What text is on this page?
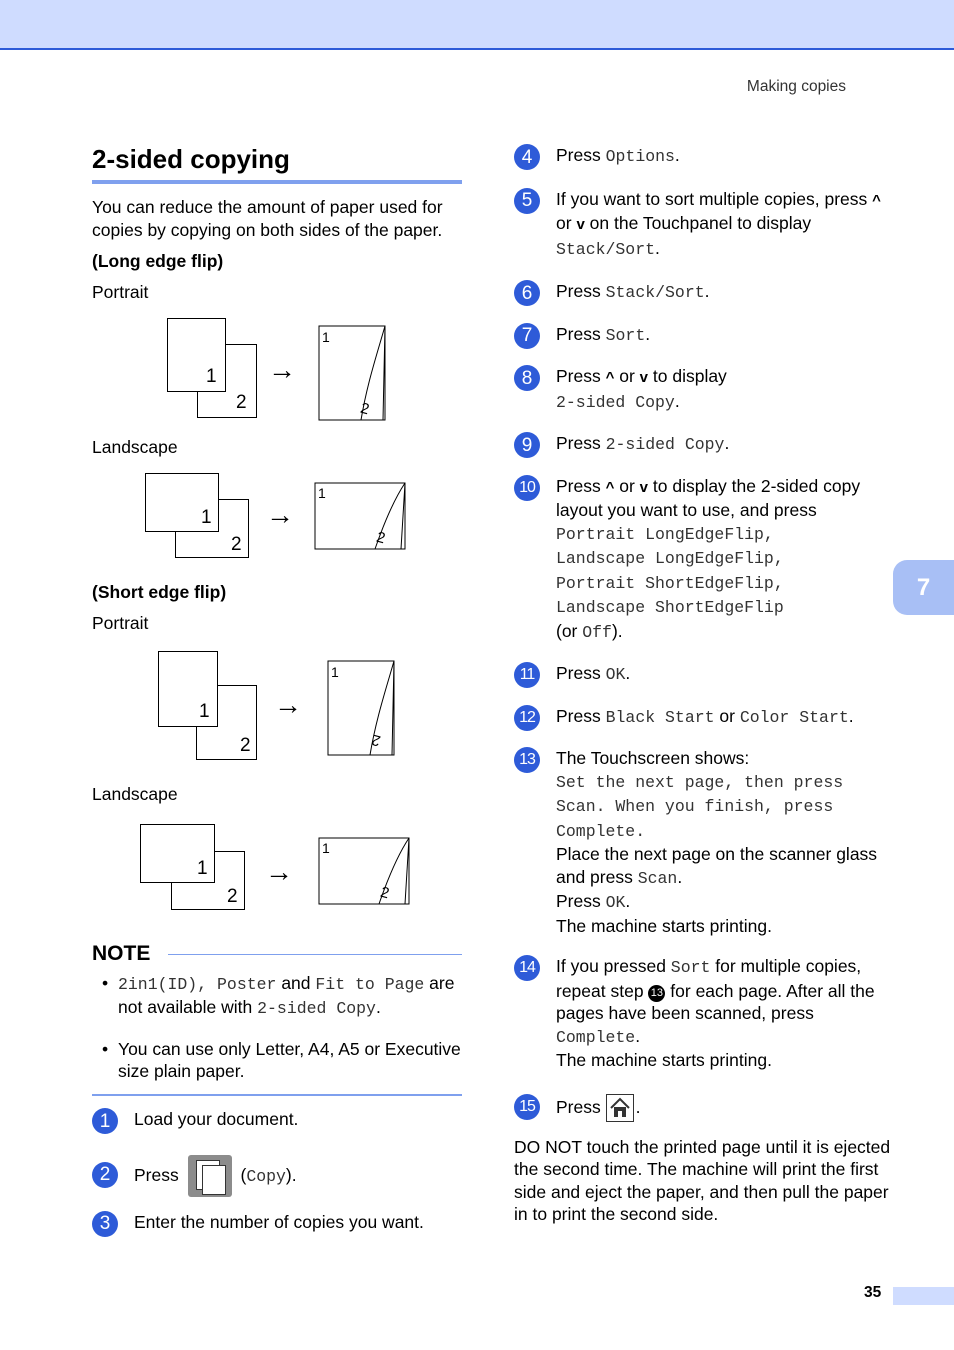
Making copies
7
35
2-sided copying
You can reduce the amount of paper used for copies by copying on both sides of the paper.
(Long edge flip)
Portrait
2
1 →
1
2
Landscape
2
1 →
1
2
(Short edge flip)
Portrait
2
1 →
1
2
Landscape
2
1 →
1
2
NOTE
• 2in1(ID), Poster and Fit to Page are not available with 2-sided Copy.
• You can use only Letter, A4, A5 or Executive size plain paper.
1	Load your document.
2	Press	(Copy).
3	Enter the number of copies you want.
4	Press Options.
5	If you want to sort multiple copies, press ^ or v on the Touchpanel to display
Stack/Sort.
6	Press Stack/Sort.
7	Press Sort.
8	Press ^ or v to display
2-sided Copy.
9	Press 2-sided Copy.
10 Press ^ or v to display the 2-sided copy layout you want to use, and press
Portrait LongEdgeFlip,
Landscape LongEdgeFlip,
Portrait ShortEdgeFlip,
Landscape ShortEdgeFlip
(or Off).
11	Press OK.
12 Press Black Start or Color Start.
13 The Touchscreen shows:
Set the next page, then press
Scan. When you finish, press
Complete.
Place the next page on the scanner glass and press Scan.
Press OK.
The machine starts printing.
14 If you pressed Sort for multiple copies, repeat step 13 for each page. After all the pages have been scanned, press Complete.
The machine starts printing.
15 Press
.
DO NOT touch the printed page until it is ejected the second time. The machine will print the first side and eject the paper, and then pull the paper in to print the second side.
